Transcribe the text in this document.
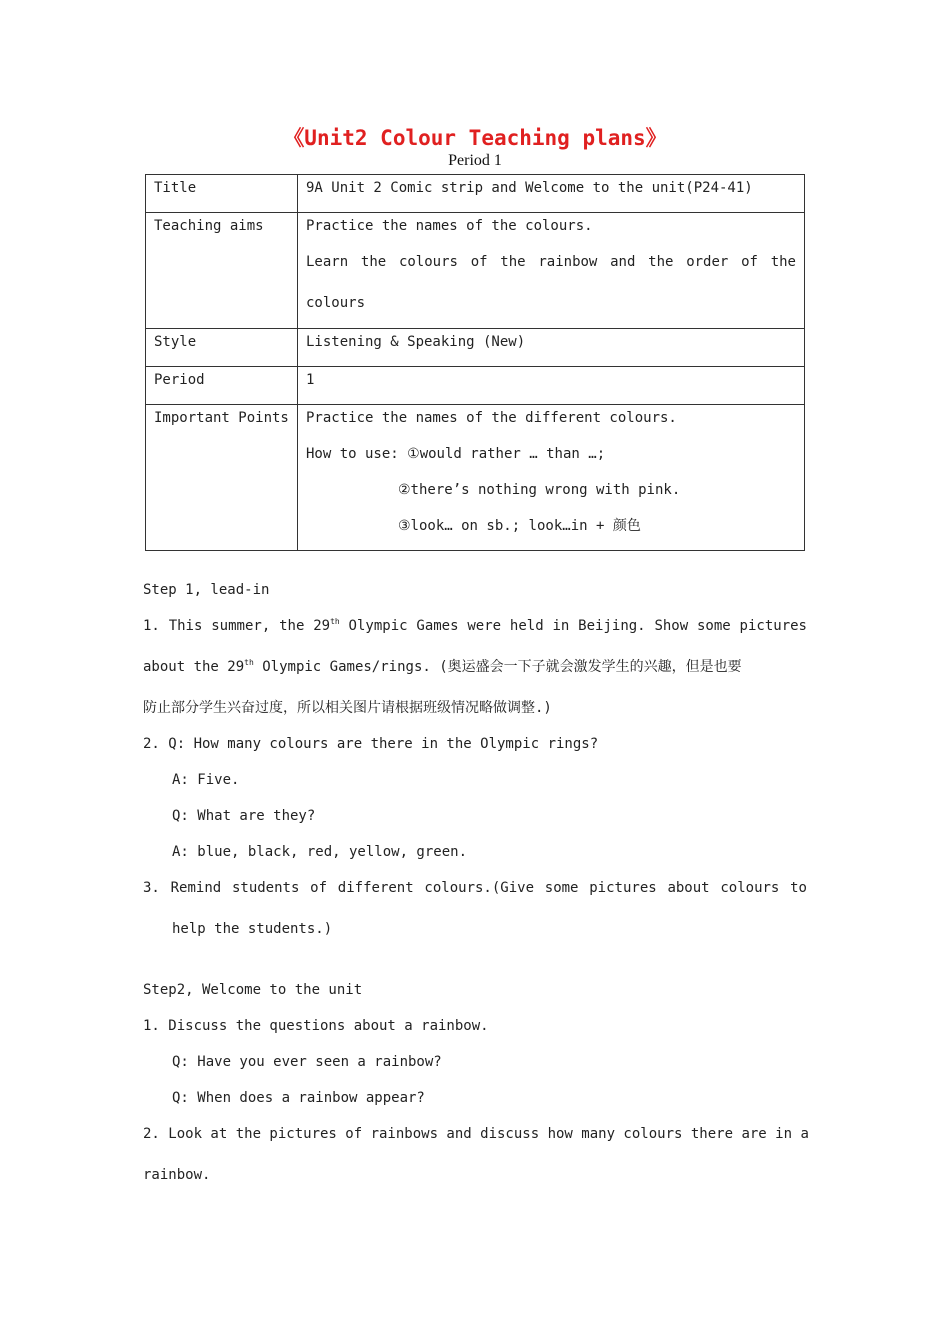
《Unit2 Colour Teaching plans》
Period 1
Title	9A Unit 2 Comic strip and Welcome to the unit(P24-41)

Teaching aims	Practice the names of the colours.
Learn the colours of the rainbow and the order of the
colours

Style	Listening & Speaking (New)

Period	1

Important Points	Practice the names of the different colours.
How to use: ①would rather … than …;
②there’s nothing wrong with pink.
③look… on sb.; look…in + 颜色
Step 1, lead-in
1. This summer, the 29th Olympic Games were held in Beijing. Show some pictures
about the 29th Olympic Games/rings. (奥运盛会一下子就会激发学生的兴趣，但是也要
防止部分学生兴奋过度，所以相关图片请根据班级情况略做调整.)
2. Q: How many colours are there in the Olympic rings?
A: Five.
Q: What are they?
A: blue, black, red, yellow, green.
3. Remind students of different colours.(Give some pictures about colours to
help the students.)
Step2, Welcome to the unit
1. Discuss the questions about a rainbow.
Q: Have you ever seen a rainbow?
Q: When does a rainbow appear?
2. Look at the pictures of rainbows and discuss how many colours there are in a
rainbow.
